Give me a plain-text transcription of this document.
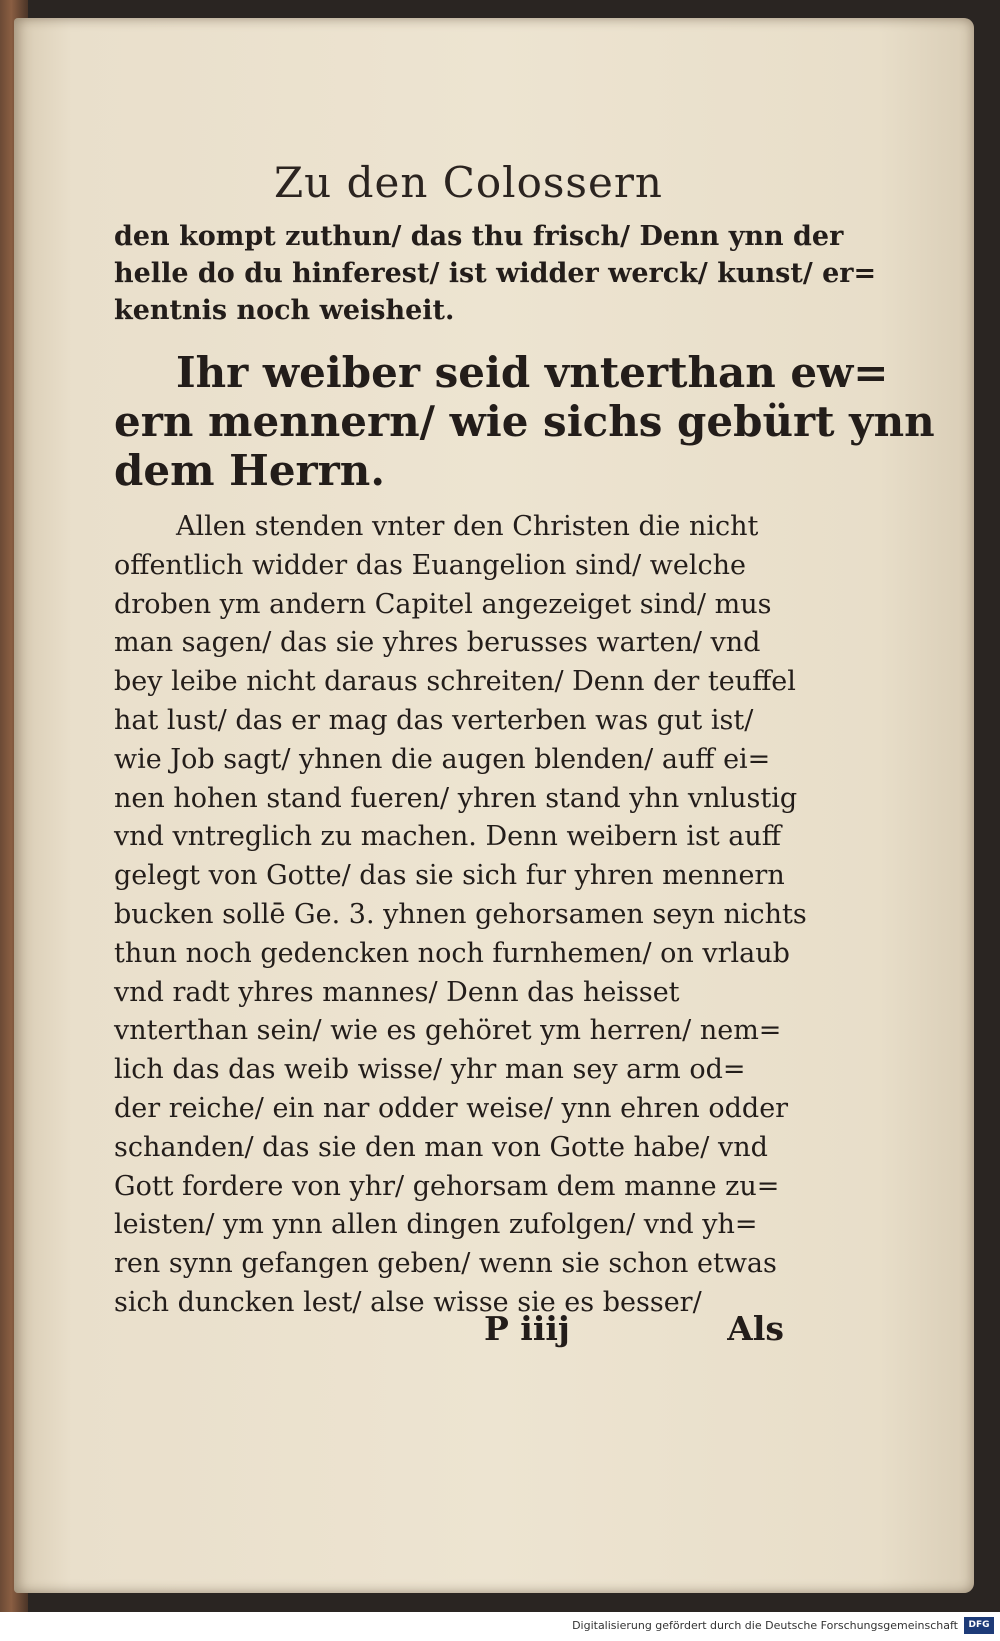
Zu den Colossern
den kompt zuthun/ das thu frisch/ Denn ynn der
helle do du hinferest/ ist widder werck/ kunst/ er=
kentnis noch weisheit.
Ihr weiber seid vnterthan ew=
ern mennern/ wie sichs gebürt ynn
dem Herrn.
Allen stenden vnter den Christen die nicht
offentlich widder das Euangelion sind/ welche
droben ym andern Capitel angezeiget sind/ mus
man sagen/ das sie yhres berusses warten/ vnd
bey leibe nicht daraus schreiten/ Denn der teuffel
hat lust/ das er mag das verterben was gut ist/
wie Job sagt/ yhnen die augen blenden/ auff ei=
nen hohen stand fueren/ yhren stand yhn vnlustig
vnd vntreglich zu machen. Denn weibern ist auff
gelegt von Gotte/ das sie sich fur yhren mennern
bucken sollē Ge. 3. yhnen gehorsamen seyn nichts
thun noch gedencken noch furnhemen/ on vrlaub
vnd radt yhres mannes/ Denn das heisset
vnterthan sein/ wie es gehöret ym herren/ nem=
lich das das weib wisse/ yhr man sey arm od=
der reiche/ ein nar odder weise/ ynn ehren odder
schanden/ das sie den man von Gotte habe/ vnd
Gott fordere von yhr/ gehorsam dem manne zu=
leisten/ ym ynn allen dingen zufolgen/ vnd yh=
ren synn gefangen geben/ wenn sie schon etwas
sich duncken lest/ alse wisse sie es besser/
P iiij	Als
Digitalisierung gefördert durch die Deutsche Forschungsgemeinschaft	DFG
